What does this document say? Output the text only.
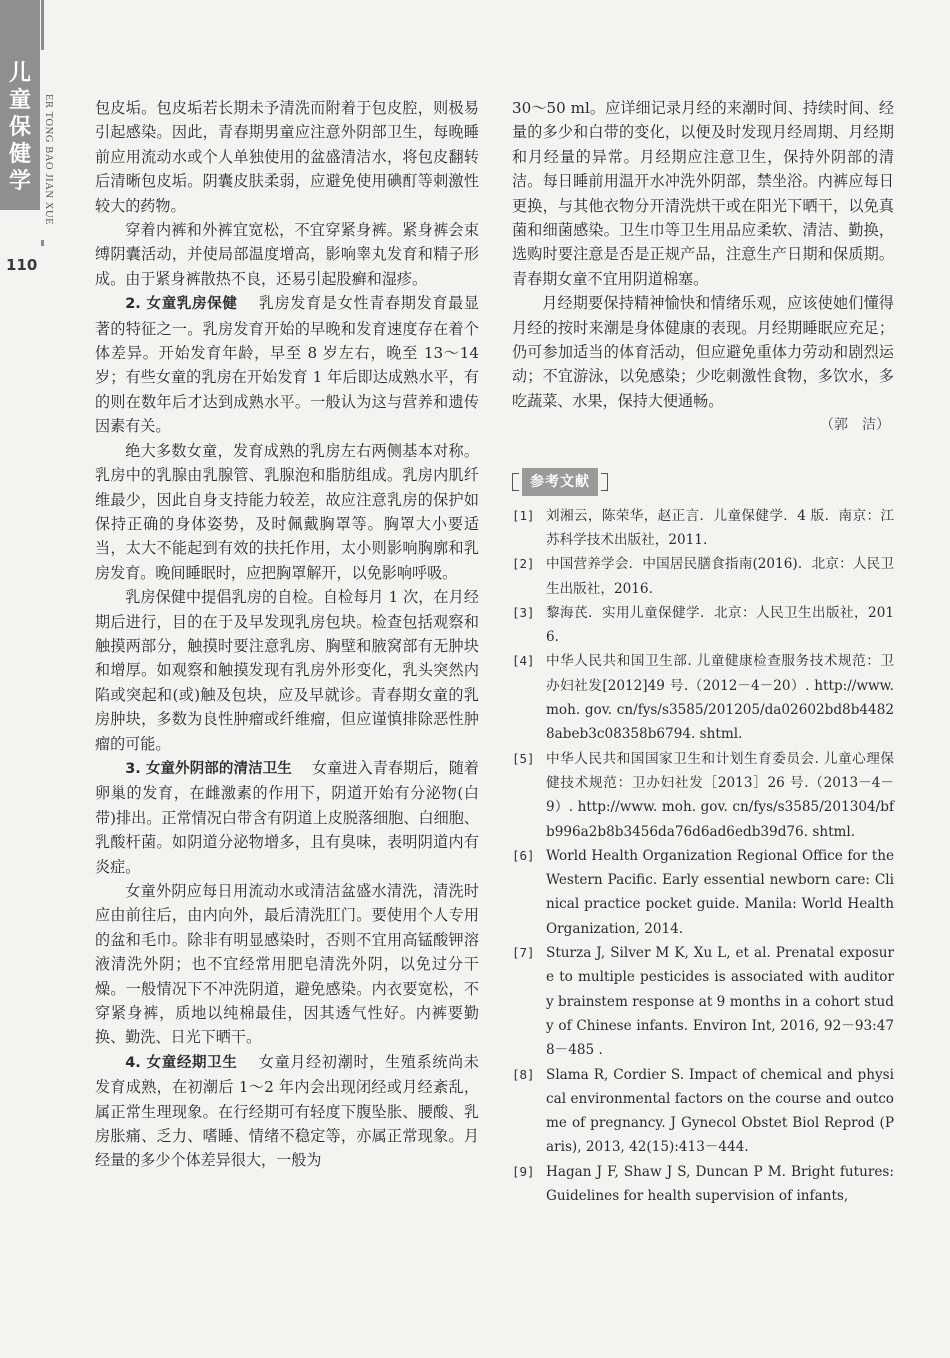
儿
童
保
健
学	ER TONG BAO JIAN XUE
110

包皮垢。包皮垢若长期未予清洗而附着于包皮腔，则极易引起感染。因此，青春期男童应注意外阴部卫生，每晚睡前应用流动水或个人单独使用的盆盛清洁水，将包皮翻转后清晰包皮垢。阴囊皮肤柔弱，应避免使用碘酊等刺激性较大的药物。

穿着内裤和外裤宜宽松，不宜穿紧身裤。紧身裤会束缚阴囊活动，并使局部温度增高，影响睾丸发育和精子形成。由于紧身裤散热不良，还易引起股癣和湿疹。

2. 女童乳房保健　 乳房发育是女性青春期发育最显著的特征之一。乳房发育开始的早晚和发育速度存在着个体差异。开始发育年龄，早至 8 岁左右，晚至 13～14 岁；有些女童的乳房在开始发育 1 年后即达成熟水平，有的则在数年后才达到成熟水平。一般认为这与营养和遗传因素有关。

绝大多数女童，发育成熟的乳房左右两侧基本对称。乳房中的乳腺由乳腺管、乳腺泡和脂肪组成。乳房内肌纤维最少，因此自身支持能力较差，故应注意乳房的保护如保持正确的身体姿势，及时佩戴胸罩等。胸罩大小要适当，太大不能起到有效的扶托作用，太小则影响胸廓和乳房发育。晚间睡眠时，应把胸罩解开，以免影响呼吸。

乳房保健中提倡乳房的自检。自检每月 1 次，在月经期后进行，目的在于及早发现乳房包块。检查包括观察和触摸两部分，触摸时要注意乳房、胸壁和腋窝部有无肿块和增厚。如观察和触摸发现有乳房外形变化，乳头突然内陷或突起和(或)触及包块，应及早就诊。青春期女童的乳房肿块，多数为良性肿瘤或纤维瘤，但应谨慎排除恶性肿瘤的可能。

3. 女童外阴部的清洁卫生　 女童进入青春期后，随着卵巢的发育，在雌激素的作用下，阴道开始有分泌物(白带)排出。正常情况白带含有阴道上皮脱落细胞、白细胞、乳酸杆菌。如阴道分泌物增多，且有臭味，表明阴道内有炎症。

女童外阴应每日用流动水或清洁盆盛水清洗，清洗时应由前往后，由内向外，最后清洗肛门。要使用个人专用的盆和毛巾。除非有明显感染时，否则不宜用高锰酸钾溶液清洗外阴；也不宜经常用肥皂清洗外阴，以免过分干燥。一般情况下不冲洗阴道，避免感染。内衣要宽松，不穿紧身裤，质地以纯棉最佳，因其透气性好。内裤要勤换、勤洗、日光下晒干。

4. 女童经期卫生　 女童月经初潮时，生殖系统尚未发育成熟，在初潮后 1～2 年内会出现闭经或月经紊乱，属正常生理现象。在行经期可有轻度下腹坠胀、腰酸、乳房胀痛、乏力、嗜睡、情绪不稳定等，亦属正常现象。月经量的多少个体差异很大，一般为

30～50 ml。应详细记录月经的来潮时间、持续时间、经量的多少和白带的变化，以便及时发现月经周期、月经期和月经量的异常。月经期应注意卫生，保持外阴部的清洁。每日睡前用温开水冲洗外阴部，禁坐浴。内裤应每日更换，与其他衣物分开清洗烘干或在阳光下晒干，以免真菌和细菌感染。卫生巾等卫生用品应柔软、清洁、勤换，选购时要注意是否是正规产品，注意生产日期和保质期。青春期女童不宜用阴道棉塞。

月经期要保持精神愉快和情绪乐观，应该使她们懂得月经的按时来潮是身体健康的表现。月经期睡眠应充足；仍可参加适当的体育活动，但应避免重体力劳动和剧烈运动；不宜游泳，以免感染；少吃刺激性食物，多饮水，多吃蔬菜、水果，保持大便通畅。

（郭　洁）
参考文献
[1] 刘湘云，陈荣华，赵正言．儿童保健学．4 版．南京：江苏科学技术出版社，2011.
[2] 中国营养学会．中国居民膳食指南(2016)．北京：人民卫生出版社，2016.
[3] 黎海芪．实用儿童保健学．北京：人民卫生出版社，2016.
[4] 中华人民共和国卫生部. 儿童健康检查服务技术规范：卫办妇社发[2012]49 号.（2012－4－20）. http://www. moh. gov. cn/fys/s3585/201205/da02602bd8b44828abeb3c08358b6794. shtml.
[5] 中华人民共和国国家卫生和计划生育委员会. 儿童心理保健技术规范：卫办妇社发［2013］26 号.（2013－4－9）. http://www. moh. gov. cn/fys/s3585/201304/bfb996a2b8b3456da76d6ad6edb39d76. shtml.
[6] World Health Organization Regional Office for the Western Pacific. Early essential newborn care: Clinical practice pocket guide. Manila: World Health Organization, 2014.
[7] Sturza J, Silver M K, Xu L, et al. Prenatal exposure to multiple pesticides is associated with auditory brainstem response at 9 months in a cohort study of Chinese infants. Environ Int, 2016, 92－93:478－485 .
[8] Slama R, Cordier S. Impact of chemical and physical environmental factors on the course and outcome of pregnancy. J Gynecol Obstet Biol Reprod (Paris), 2013, 42(15):413－444.
[9] Hagan J F, Shaw J S, Duncan P M. Bright futures: Guidelines for health supervision of infants,
